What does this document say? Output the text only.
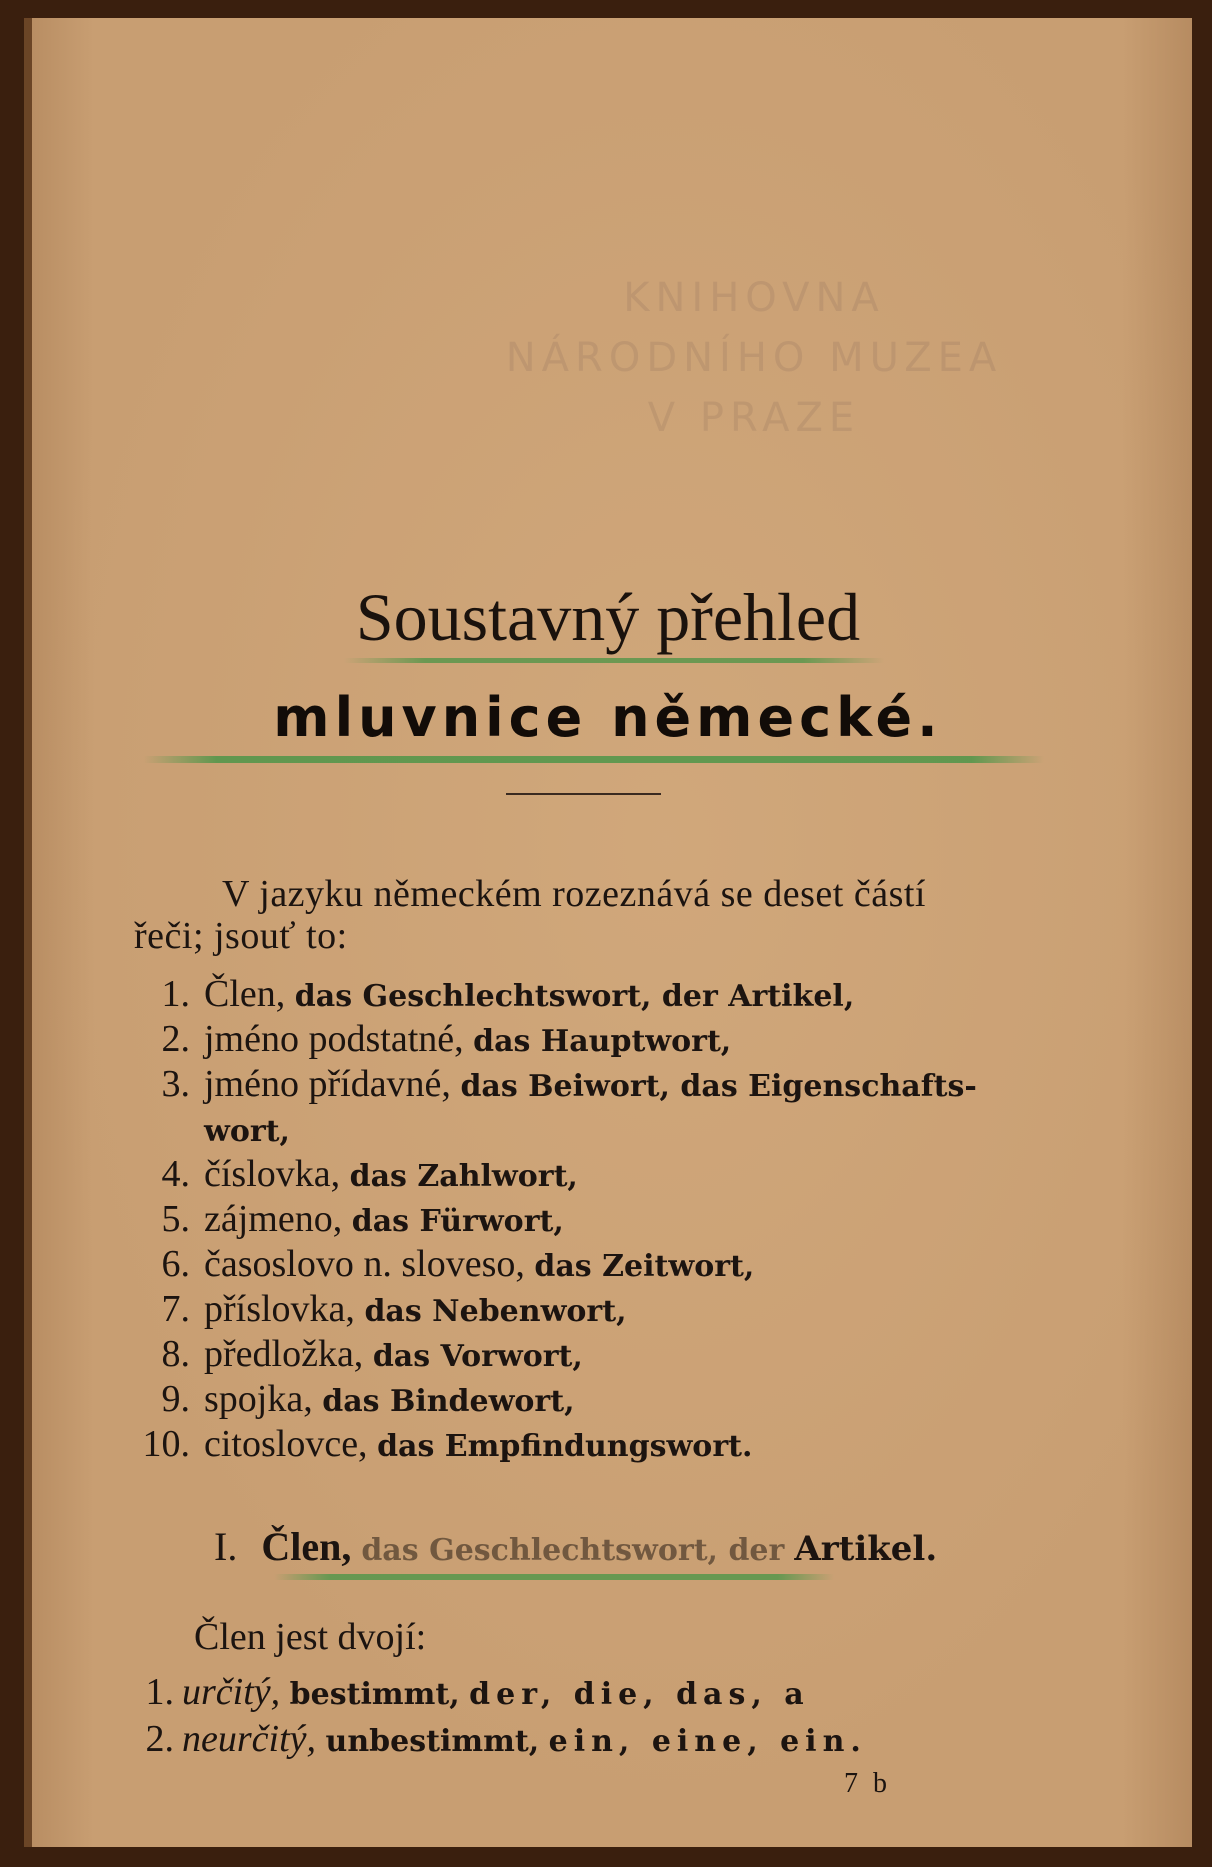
KNIHOVNA
NÁRODNÍHO MUZEA
V PRAZE
Soustavný přehled
mluvnice německé.
V jazyku německém rozeznává se deset částí
řeči; jsouť to:
1. Člen, das Geschlechtswort, der Artikel,
2. jméno podstatné, das Hauptwort,
3. jméno přídavné, das Beiwort, das Eigenschafts-
wort,
4. číslovka, das Zahlwort,
5. zájmeno, das Fürwort,
6. časoslovo n. sloveso, das Zeitwort,
7. příslovka, das Nebenwort,
8. předložka, das Vorwort,
9. spojka, das Bindewort,
10. citoslovce, das Empfindungswort.
I. Člen, das Geschlechtswort, der Artikel.
Člen jest dvojí:
1. určitý, bestimmt, der, die, das, a
2. neurčitý, unbestimmt, ein, eine, ein.
7 b
